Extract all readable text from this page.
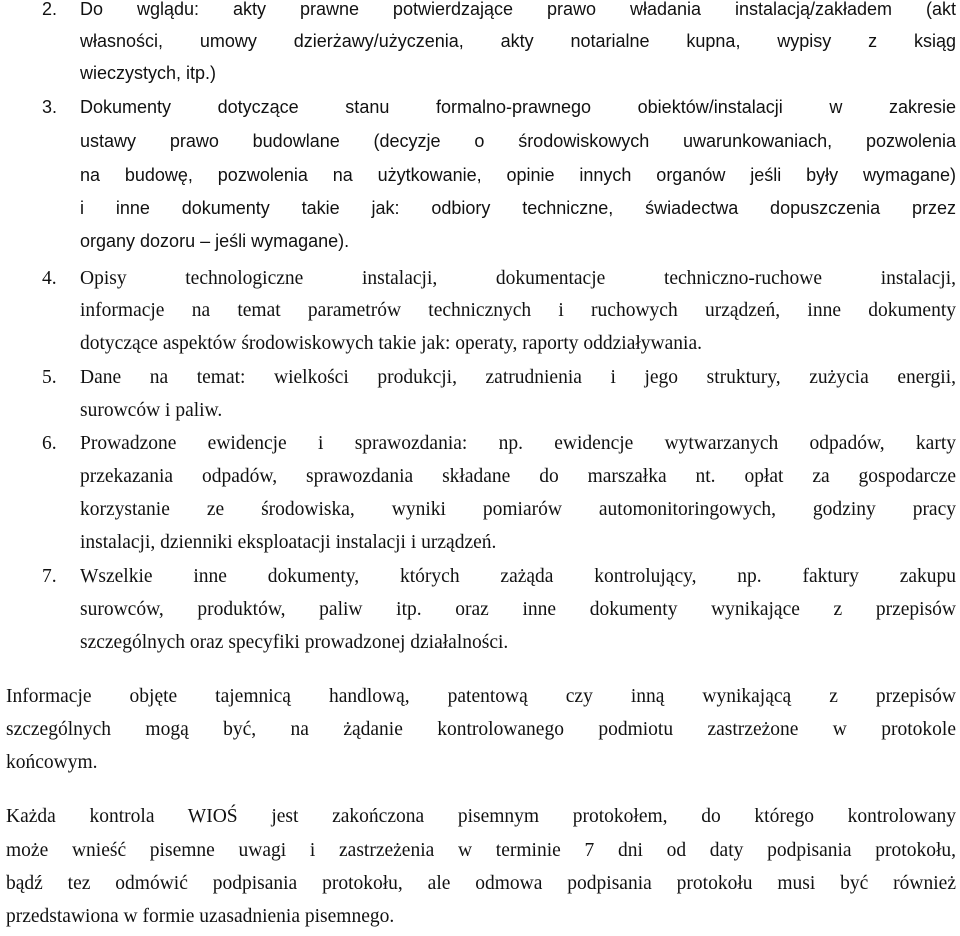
2. Do wglądu: akty prawne potwierdzające prawo władania instalacją/zakładem (akt
własności, umowy dzierżawy/użyczenia, akty notarialne kupna, wypisy z ksiąg
wieczystych, itp.)
3. Dokumenty dotyczące stanu formalno-prawnego obiektów/instalacji w zakresie
ustawy prawo budowlane (decyzje o środowiskowych uwarunkowaniach, pozwolenia
na budowę, pozwolenia na użytkowanie, opinie innych organów jeśli były wymagane)
i inne dokumenty takie jak: odbiory techniczne, świadectwa dopuszczenia przez
organy dozoru – jeśli wymagane).
4. Opisy technologiczne instalacji, dokumentacje techniczno-ruchowe instalacji,
informacje na temat parametrów technicznych i ruchowych urządzeń, inne dokumenty
dotyczące aspektów środowiskowych takie jak: operaty, raporty oddziaływania.
5. Dane na temat: wielkości produkcji, zatrudnienia i jego struktury, zużycia energii,
surowców i paliw.
6. Prowadzone ewidencje i sprawozdania: np. ewidencje wytwarzanych odpadów, karty
przekazania odpadów, sprawozdania składane do marszałka nt. opłat za gospodarcze
korzystanie ze środowiska, wyniki pomiarów automonitoringowych, godziny pracy
instalacji, dzienniki eksploatacji instalacji i urządzeń.
7. Wszelkie inne dokumenty, których zażąda kontrolujący, np. faktury zakupu
surowców, produktów, paliw itp. oraz inne dokumenty wynikające z przepisów
szczególnych oraz specyfiki prowadzonej działalności.
Informacje objęte tajemnicą handlową, patentową czy inną wynikającą z przepisów
szczególnych mogą być, na żądanie kontrolowanego podmiotu zastrzeżone w protokole
końcowym.
Każda kontrola WIOŚ jest zakończona pisemnym protokołem, do którego kontrolowany
może wnieść pisemne uwagi i zastrzeżenia w terminie 7 dni od daty podpisania protokołu,
bądź tez odmówić podpisania protokołu, ale odmowa podpisania protokołu musi być również
przedstawiona w formie uzasadnienia pisemnego.
